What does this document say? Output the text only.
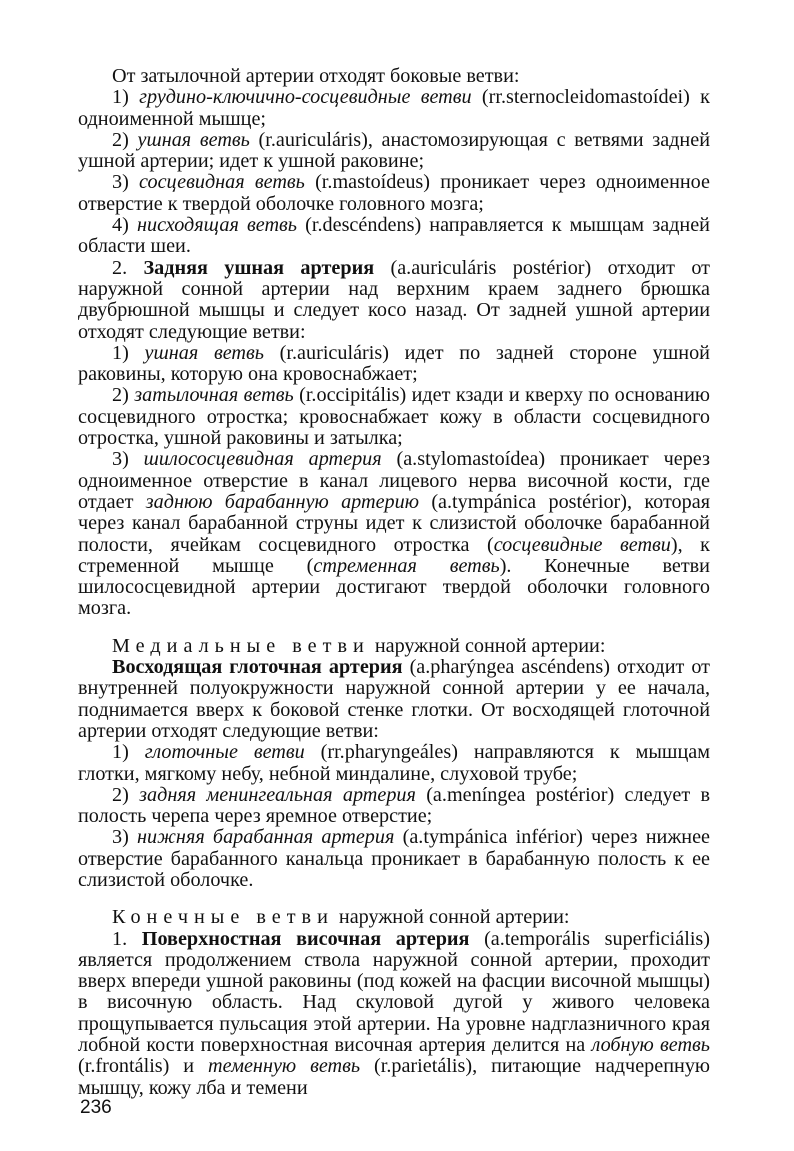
От затылочной артерии отходят боковые ветви:

1) грудино-ключично-сосцевидные ветви (rr.sternocleidomastoídei) к одноименной мышце;

2) ушная ветвь (r.auriculáris), анастомозирующая с ветвями задней ушной артерии; идет к ушной раковине;

3) сосцевидная ветвь (r.mastoídeus) проникает через одноименное отверстие к твердой оболочке головного мозга;

4) нисходящая ветвь (r.descéndens) направляется к мышцам задней области шеи.

2. Задняя ушная артерия (a.auriculáris postérior) отходит от наружной сонной артерии над верхним краем заднего брюшка двубрюшной мышцы и следует косо назад. От задней ушной артерии отходят следующие ветви:

1) ушная ветвь (r.auriculáris) идет по задней стороне ушной раковины, которую она кровоснабжает;

2) затылочная ветвь (r.occipitális) идет кзади и кверху по основанию сосцевидного отростка; кровоснабжает кожу в области сосцевидного отростка, ушной раковины и затылка;

3) шилососцевидная артерия (a.stylomastoídea) проникает через одноименное отверстие в канал лицевого нерва височной кости, где отдает заднюю барабанную артерию (a.tympánica postérior), которая через канал барабанной струны идет к слизистой оболочке барабанной полости, ячейкам сосцевидного отростка (сосцевидные ветви), к стременной мышце (стременная ветвь). Конечные ветви шилососцевидной артерии достигают твердой оболочки головного мозга.

Медиальные ветви наружной сонной артерии:

Восходящая глоточная артерия (a.pharýngea ascéndens) отходит от внутренней полуокружности наружной сонной артерии у ее начала, поднимается вверх к боковой стенке глотки. От восходящей глоточной артерии отходят следующие ветви:

1) глоточные ветви (rr.pharyngeáles) направляются к мышцам глотки, мягкому небу, небной миндалине, слуховой трубе;

2) задняя менингеальная артерия (a.meníngea postérior) следует в полость черепа через яремное отверстие;

3) нижняя барабанная артерия (a.tympánica inférior) через нижнее отверстие барабанного канальца проникает в барабанную полость к ее слизистой оболочке.

Конечные ветви наружной сонной артерии:

1. Поверхностная височная артерия (a.temporális superficiális) является продолжением ствола наружной сонной артерии, проходит вверх впереди ушной раковины (под кожей на фасции височной мышцы) в височную область. Над скуловой дугой у живого человека прощупывается пульсация этой артерии. На уровне надглазничного края лобной кости поверхностная височная артерия делится на лобную ветвь (r.frontális) и теменную ветвь (r.parietális), питающие надчерепную мышцу, кожу лба и темени

236
